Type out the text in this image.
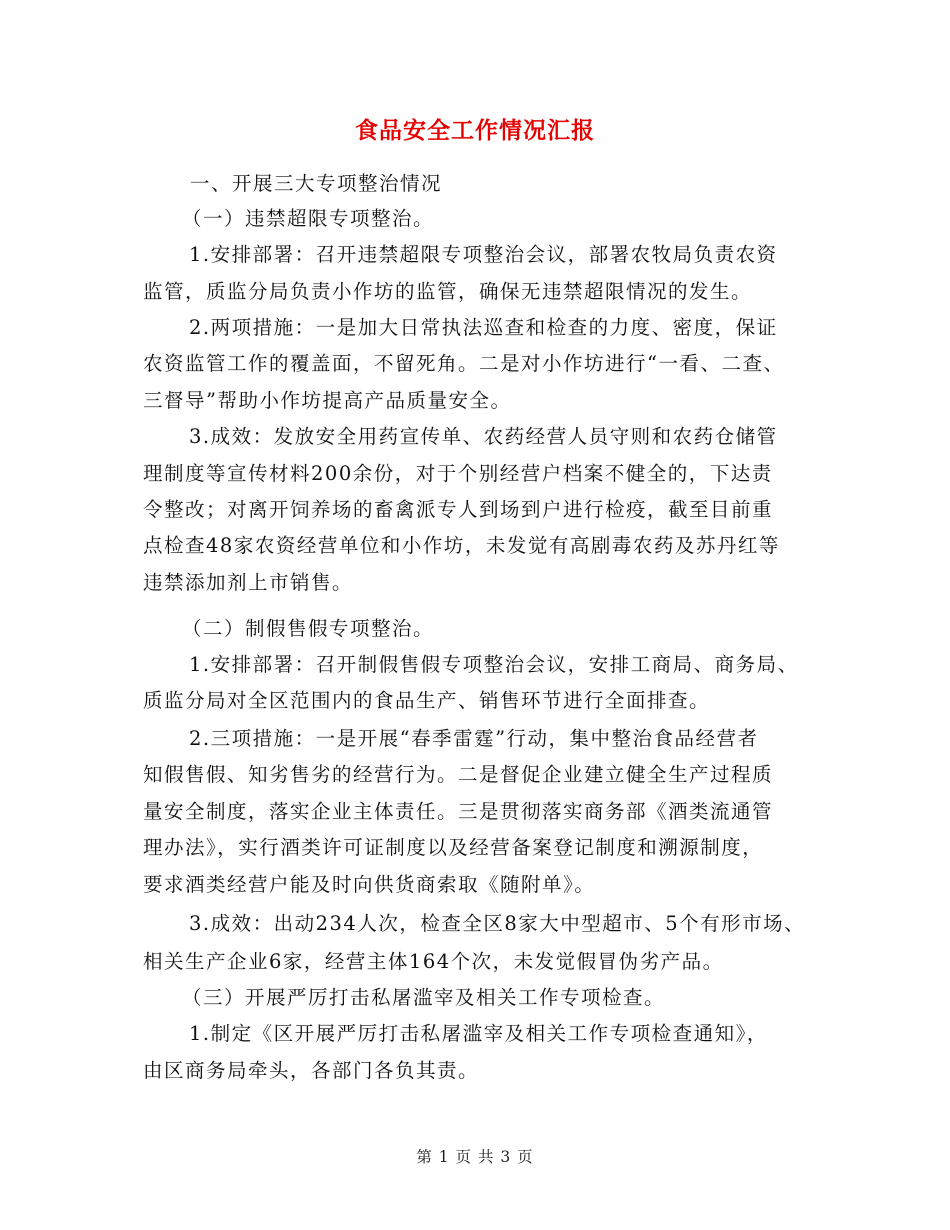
食品安全工作情况汇报
一、开展三大专项整治情况
（一）违禁超限专项整治。
1.安排部署：召开违禁超限专项整治会议，部署农牧局负责农资
监管，质监分局负责小作坊的监管，确保无违禁超限情况的发生。
2.两项措施：一是加大日常执法巡查和检查的力度、密度，保证
农资监管工作的覆盖面，不留死角。二是对小作坊进行“一看、二查、
三督导”帮助小作坊提高产品质量安全。
3.成效：发放安全用药宣传单、农药经营人员守则和农药仓储管
理制度等宣传材料200余份，对于个别经营户档案不健全的，下达责
令整改；对离开饲养场的畜禽派专人到场到户进行检疫，截至目前重
点检查48家农资经营单位和小作坊，未发觉有高剧毒农药及苏丹红等
违禁添加剂上市销售。
（二）制假售假专项整治。
1.安排部署：召开制假售假专项整治会议，安排工商局、商务局、
质监分局对全区范围内的食品生产、销售环节进行全面排查。
2.三项措施：一是开展“春季雷霆”行动，集中整治食品经营者
知假售假、知劣售劣的经营行为。二是督促企业建立健全生产过程质
量安全制度，落实企业主体责任。三是贯彻落实商务部《酒类流通管
理办法》，实行酒类许可证制度以及经营备案登记制度和溯源制度，
要求酒类经营户能及时向供货商索取《随附单》。
3.成效：出动234人次，检查全区8家大中型超市、5个有形市场、
相关生产企业6家，经营主体164个次，未发觉假冒伪劣产品。
（三）开展严厉打击私屠滥宰及相关工作专项检查。
1.制定《区开展严厉打击私屠滥宰及相关工作专项检查通知》，
由区商务局牵头，各部门各负其责。
第 1 页 共 3 页
